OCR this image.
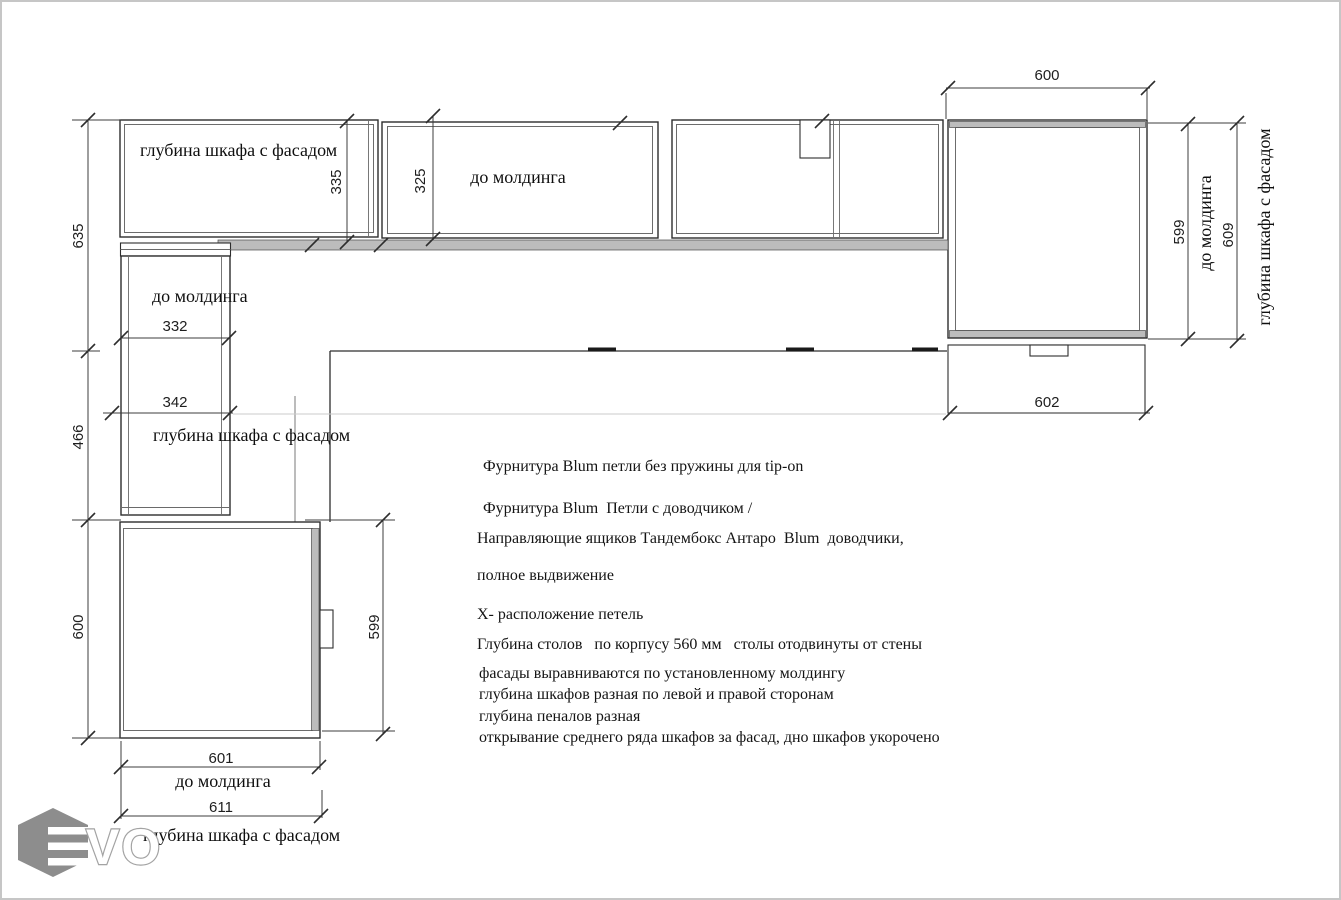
глубина шкафа с фасадом
до молдинга
до молдинга
глубина шкафа с фасадом
до молдинга
глубина шкафа с фасадом
332
342
600
602
601
611
635
466
600
335	325
599
599 до молдинга 609 глубина шкафа с фасадом
VO
Фурнитура Blum петли без пружины для tip-on
Фурнитура Blum  Петли с доводчиком /
Направляющие ящиков Тандембокс Антаро  Blum  доводчики,
полное выдвижение
X- расположение петель
Глубина столов   по корпусу 560 мм   столы отодвинуты от стены
фасады выравниваются по установленному молдингу
глубина шкафов разная по левой и правой сторонам
глубина пеналов разная
открывание среднего ряда шкафов за фасад, дно шкафов укорочено
